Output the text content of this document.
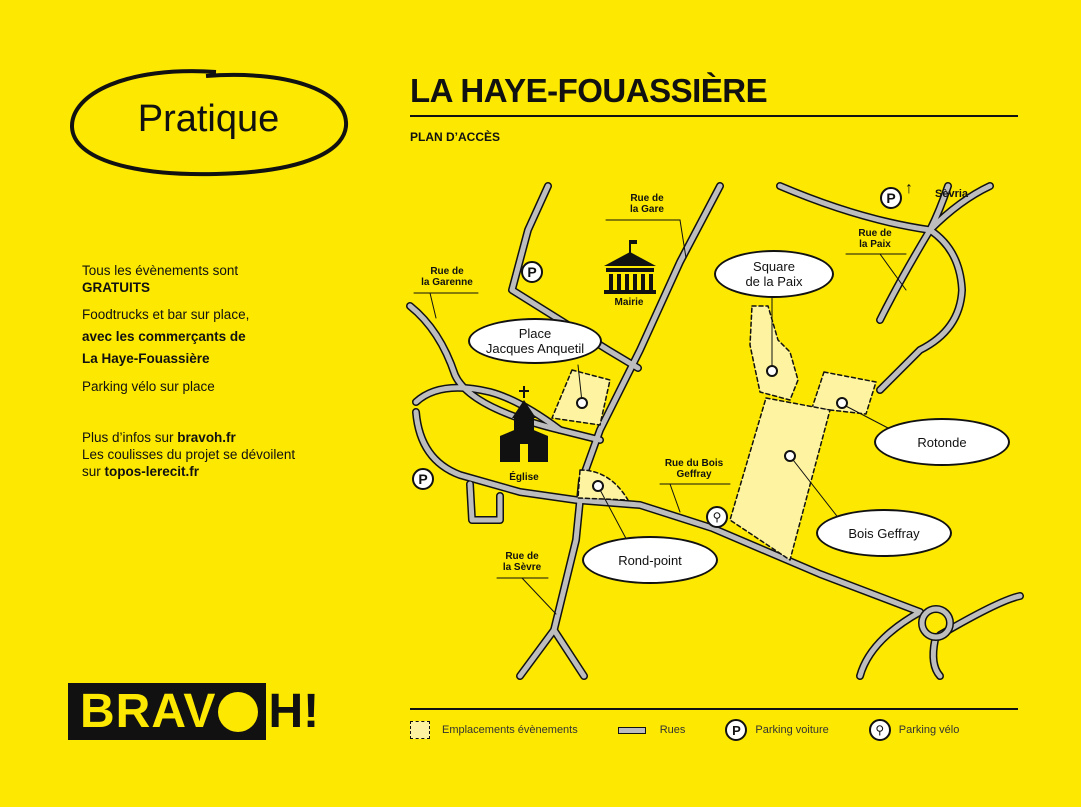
Pratique
LA HAYE-FOUASSIÈRE
PLAN D’ACCÈS

Tous les évènements sont
GRATUITS

Foodtrucks et bar sur place,
avec les commerçants de
La Haye-Fouassière

Parking vélo sur place

Plus d’infos sur bravoh.fr
Les coulisses du projet se dévoilent
sur topos-lerecit.fr

BRAV H!
P
P
P
↑ Sèvria
⚲
Rue de
la Gare
Rue de
la Garenne
Rue de
la Paix
Rue du Bois
Geffray
Rue de
la Sèvre
Mairie
Église
Place
Jacques Anquetil
Square
de la Paix
Rotonde
Bois Geffray
Rond-point
Emplacements évènements	Rues	P	Parking voiture	⚲	Parking vélo
